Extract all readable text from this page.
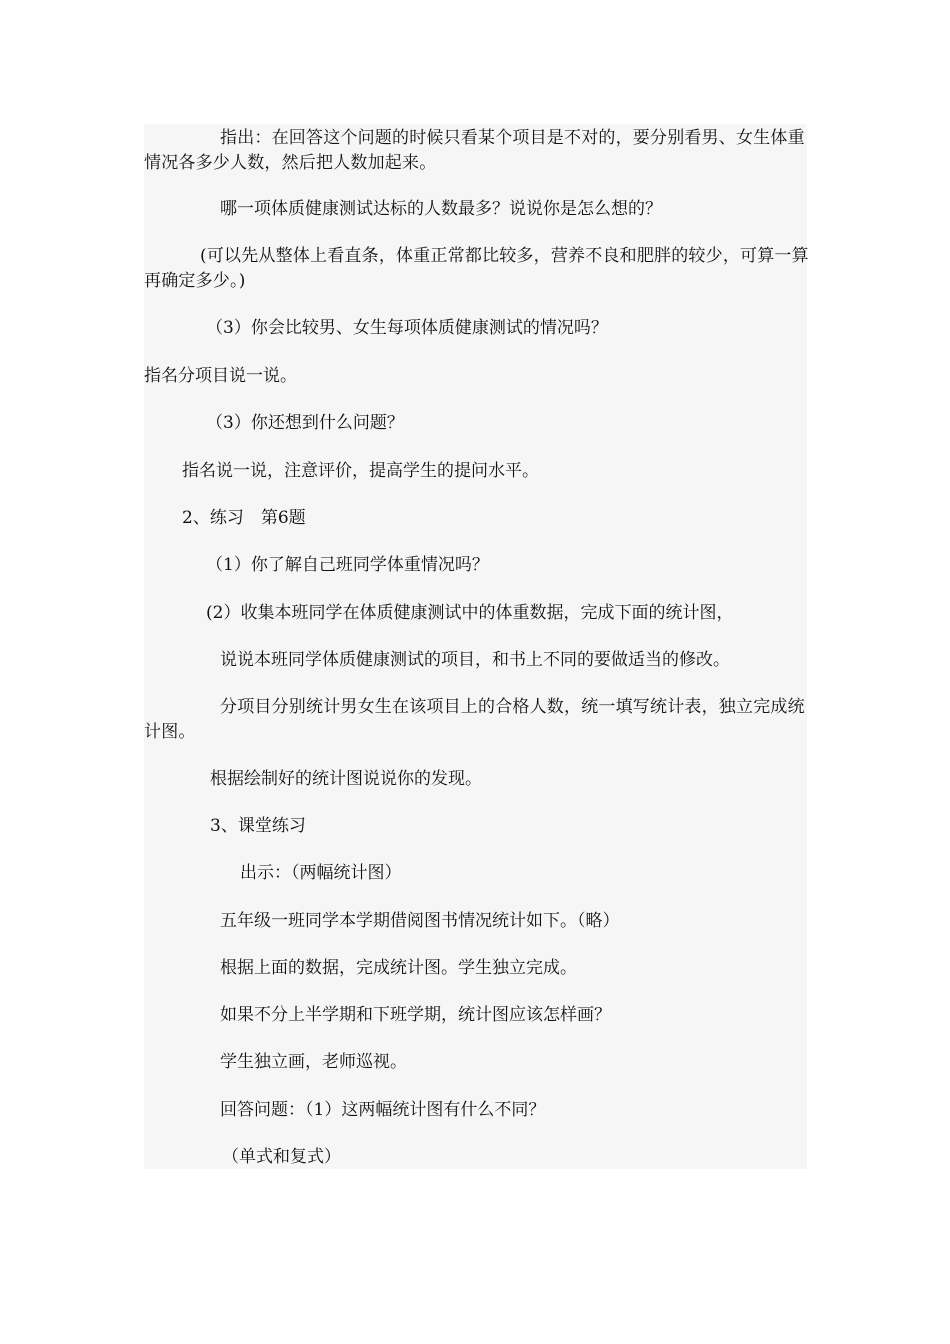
指出：在回答这个问题的时候只看某个项目是不对的，要分别看男、女生体重情况各多少人数，然后把人数加起来。

哪一项体质健康测试达标的人数最多？说说你是怎么想的？

(可以先从整体上看直条，体重正常都比较多，营养不良和肥胖的较少，可算一算再确定多少。)

（3）你会比较男、女生每项体质健康测试的情况吗？

指名分项目说一说。

（3）你还想到什么问题？

指名说一说，注意评价，提高学生的提问水平。

2、练习　第6题

（1）你了解自己班同学体重情况吗？

(2）收集本班同学在体质健康测试中的体重数据，完成下面的统计图，

说说本班同学体质健康测试的项目，和书上不同的要做适当的修改。

分项目分别统计男女生在该项目上的合格人数，统一填写统计表，独立完成统计图。

根据绘制好的统计图说说你的发现。

3、课堂练习

出示：（两幅统计图）

五年级一班同学本学期借阅图书情况统计如下。（略）

根据上面的数据，完成统计图。学生独立完成。

如果不分上半学期和下班学期，统计图应该怎样画？

学生独立画，老师巡视。

回答问题：（1）这两幅统计图有什么不同？

（单式和复式）
